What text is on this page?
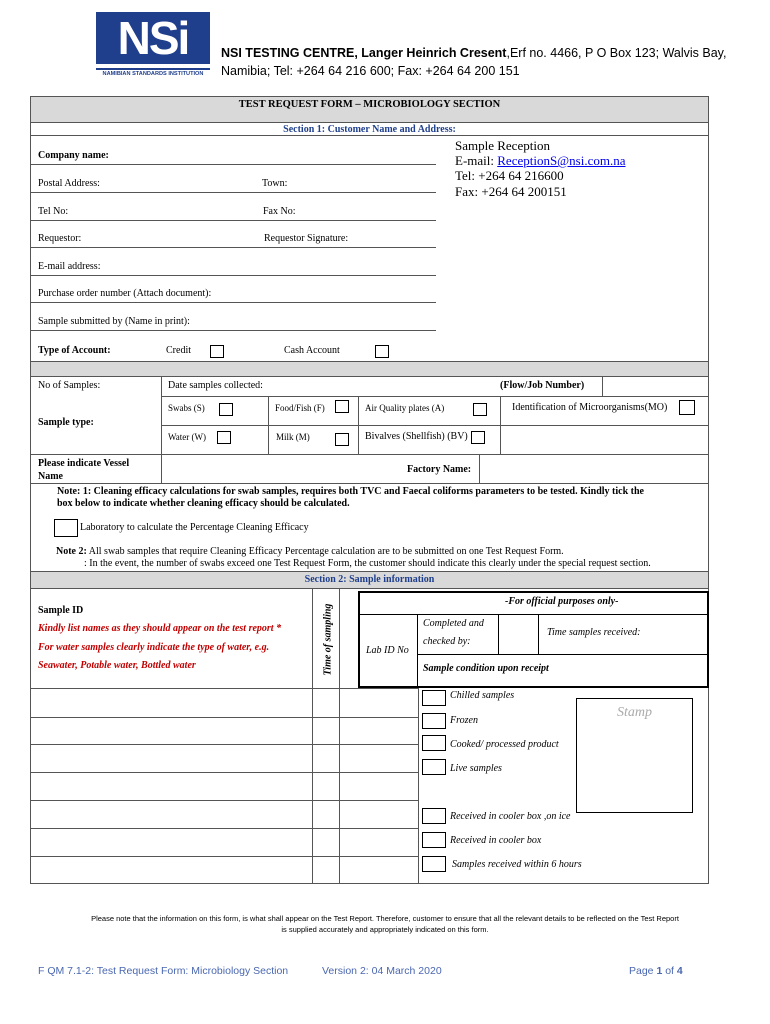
NSi
NAMIBIAN STANDARDS INSTITUTION
NSI TESTING CENTRE, Langer Heinrich Cresent,Erf no. 4466, P O Box 123; Walvis Bay,
Namibia; Tel: +264 64 216 600; Fax: +264 64 200 151
TEST REQUEST FORM – MICROBIOLOGY SECTION
Section 1: Customer Name and Address:
Sample Reception
E-mail: ReceptionS@nsi.com.na
Tel: +264 64 216600
Fax: +264 64 200151
Company name:
Postal Address:	Town:
Tel No:	Fax No:
Requestor:	Requestor Signature:
E-mail address:
Purchase order number (Attach document):
Sample submitted by (Name in print):
Type of Account:	Credit	Cash Account
No of Samples:	Date samples collected:	(Flow/Job Number)
Sample type:
Swabs (S)	Food/Fish (F)	Air Quality plates (A)	Identification of Microorganisms(MO)
Water (W)	Milk (M)	Bivalves (Shellfish) (BV)
Please indicate Vessel
Name
Factory Name:
Note: 1: Cleaning efficacy calculations for swab samples, requires both TVC and Faecal coliforms parameters to be tested. Kindly tick the
box below to indicate whether cleaning efficacy should be calculated.
Laboratory to calculate the Percentage Cleaning Efficacy
Note 2: All swab samples that require Cleaning Efficacy Percentage calculation are to be submitted on one Test Request Form.
: In the event, the number of swabs exceed one Test Request Form, the customer should indicate this clearly under the special request section.
Section 2: Sample information
Sample ID
Kindly list names as they should appear on the test report *
For water samples clearly indicate the type of water, e.g.
Seawater, Potable water, Bottled water	Time of sampling
-For official purposes only-
Lab ID No
Completed and
checked by:
Time samples received:
Sample condition upon receipt
Chilled samples
Frozen
Cooked/ processed product
Live samples
Received in cooler box ,on ice
Received in cooler box
Samples received within 6 hours
Stamp
Please note that the information on this form, is what shall appear on the Test Report. Therefore, customer to ensure that all the relevant details to be reflected on the Test Report
is supplied accurately and appropriately indicated on this form.
F QM 7.1-2: Test Request Form: Microbiology Section	Version 2: 04 March 2020	Page 1 of 4
